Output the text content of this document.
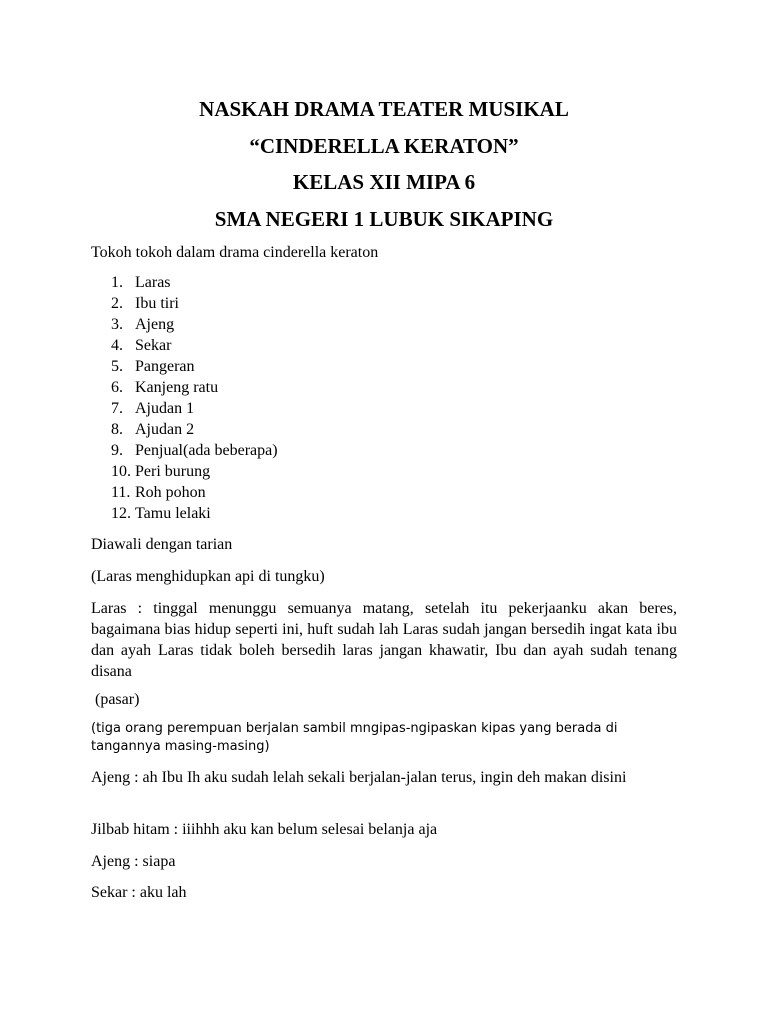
NASKAH DRAMA TEATER MUSIKAL
“CINDERELLA KERATON”
KELAS XII MIPA 6
SMA NEGERI 1 LUBUK SIKAPING
Tokoh tokoh dalam drama cinderella keraton
1. Laras
2. Ibu tiri
3. Ajeng
4. Sekar
5. Pangeran
6. Kanjeng ratu
7. Ajudan 1
8. Ajudan 2
9. Penjual(ada beberapa)
10. Peri burung
11. Roh pohon
12. Tamu lelaki
Diawali dengan tarian
(Laras menghidupkan api di tungku)
Laras : tinggal menunggu semuanya matang, setelah itu pekerjaanku akan beres, bagaimana bias hidup seperti ini, huft sudah lah Laras sudah jangan bersedih ingat kata ibu dan ayah Laras tidak boleh bersedih laras jangan khawatir, Ibu dan ayah sudah tenang disana
(pasar)
(tiga orang perempuan berjalan sambil mngipas-ngipaskan kipas yang berada di tangannya masing-masing)
Ajeng : ah Ibu Ih aku sudah lelah sekali berjalan-jalan terus, ingin deh makan disini
Jilbab hitam : iiihhh aku kan belum selesai belanja aja
Ajeng : siapa
Sekar : aku lah
